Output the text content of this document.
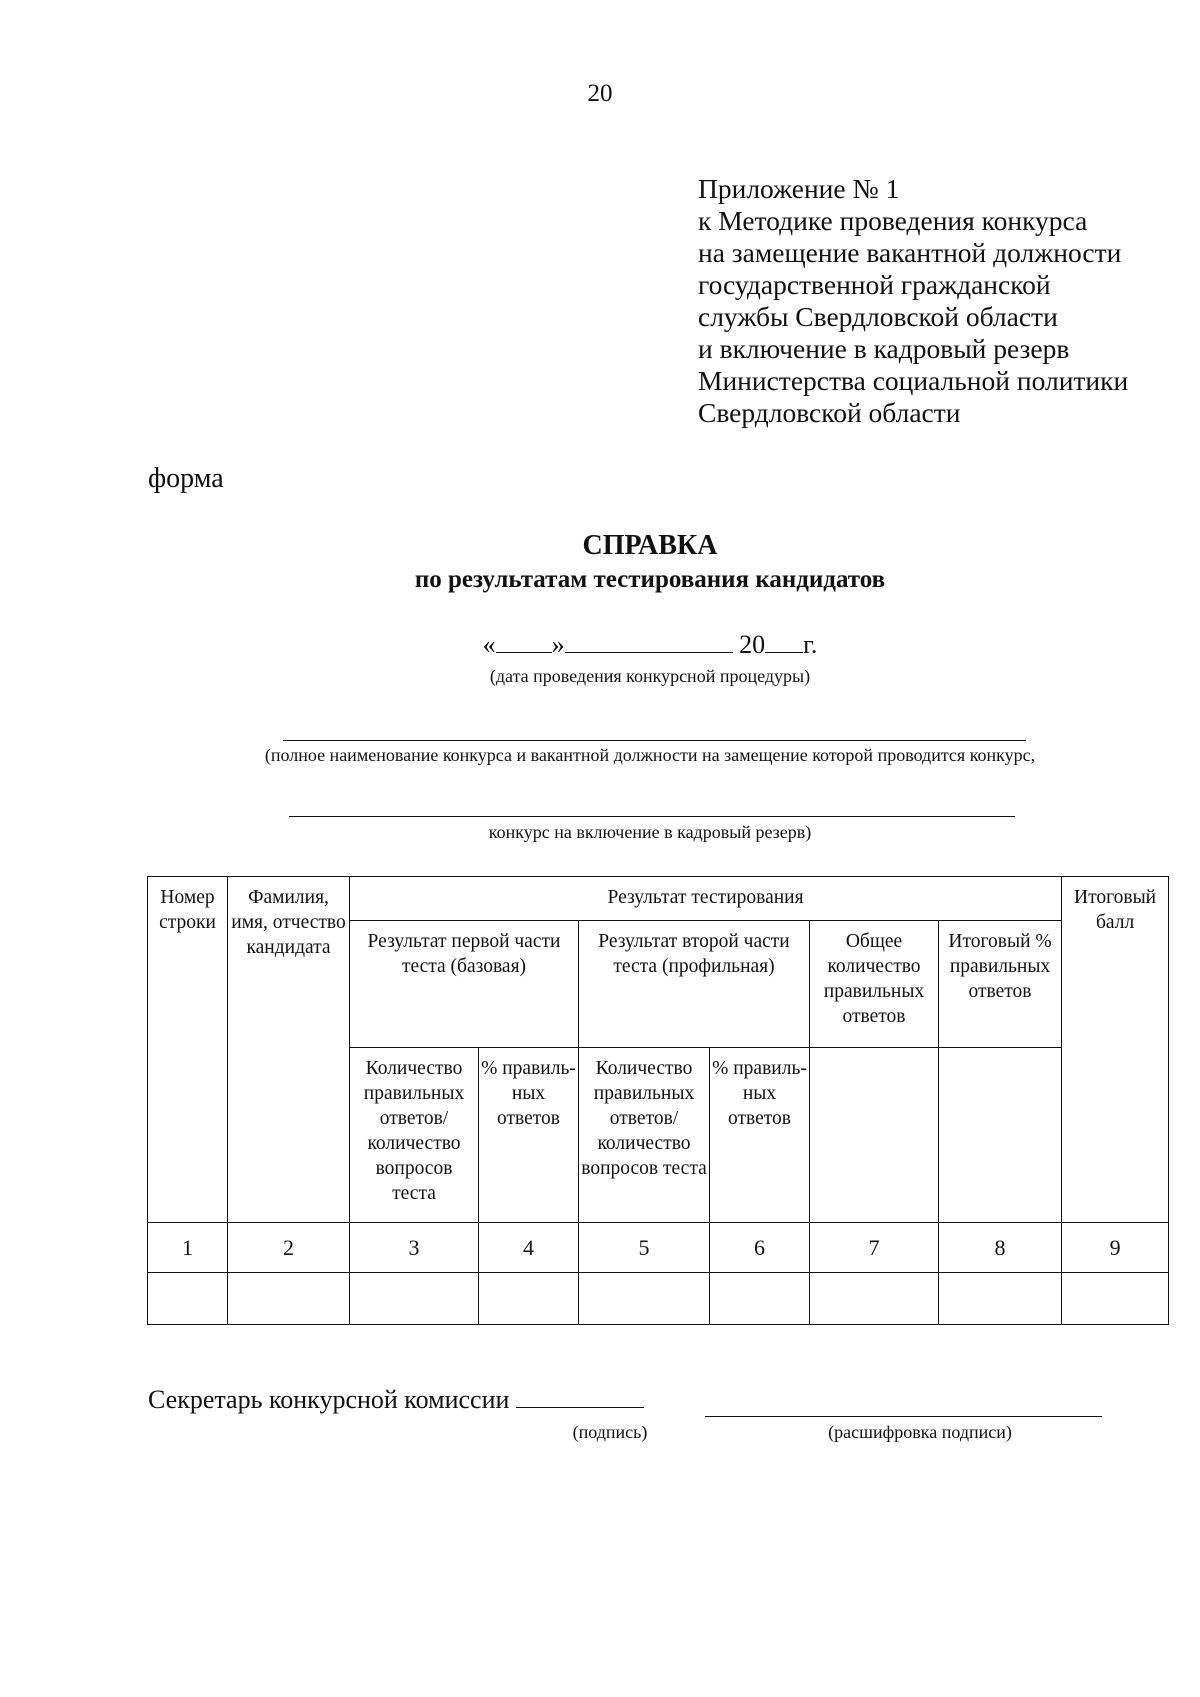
20
Приложение № 1
к Методике проведения конкурса
на замещение вакантной должности
государственной гражданской
службы Свердловской области
и включение в кадровый резерв
Министерства социальной политики
Свердловской области
форма
СПРАВКА
по результатам тестирования кандидатов
« »	20 г.
(дата проведения конкурсной процедуры)
(полное наименование конкурса и вакантной должности на замещение которой проводится конкурс,
конкурс на включение в кадровый резерв)
Номер строки	Фамилия, имя, отчество кандидата	Результат тестирования						Итоговый балл
		Результат первой части теста (базовая)		Результат второй части теста (профильная)		Общее количество правильных ответов	Итоговый % правильных ответов	
		Количество правильных ответов/ количество вопросов теста	% правиль-ных ответов	Количество правильных ответов/ количество вопросов теста	% правиль-ных ответов			
1	2	3	4	5	6	7	8	9

Секретарь конкурсной комиссии
(подпись)	(расшифровка подписи)
